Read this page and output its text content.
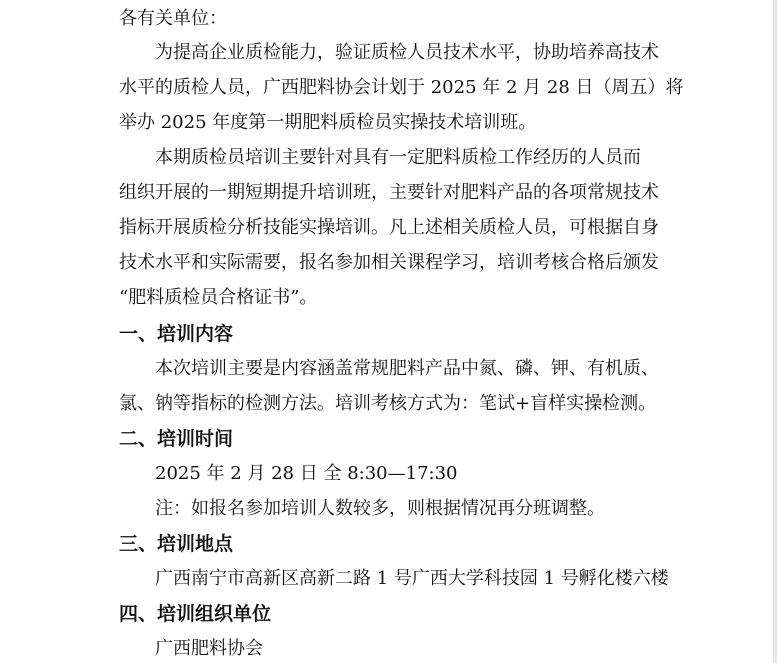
各有关单位：
为提高企业质检能力，验证质检人员技术水平，协助培养高技术
水平的质检人员，广西肥料协会计划于 2025 年 2 月 28 日（周五）将
举办 2025 年度第一期肥料质检员实操技术培训班。
本期质检员培训主要针对具有一定肥料质检工作经历的人员而
组织开展的一期短期提升培训班，主要针对肥料产品的各项常规技术
指标开展质检分析技能实操培训。凡上述相关质检人员，可根据自身
技术水平和实际需要，报名参加相关课程学习，培训考核合格后颁发
“肥料质检员合格证书”。
一、培训内容
本次培训主要是内容涵盖常规肥料产品中氮、磷、钾、有机质、
氯、钠等指标的检测方法。培训考核方式为：笔试+盲样实操检测。
二、培训时间
2025 年 2 月 28 日 全 8:30—17:30
注：如报名参加培训人数较多，则根据情况再分班调整。
三、培训地点
广西南宁市高新区高新二路 1 号广西大学科技园 1 号孵化楼六楼
四、培训组织单位
广西肥料协会
